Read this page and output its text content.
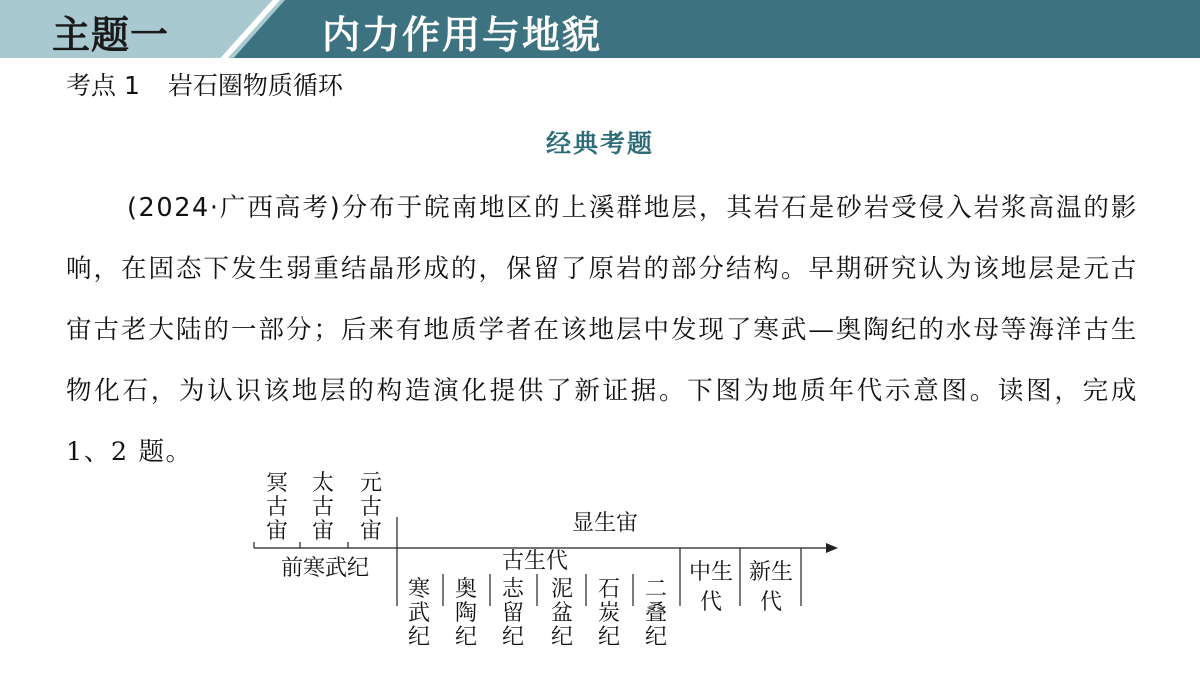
主题一	内力作用与地貌
考点 1 岩石圈物质循环
经典考题
(2024·广西高考)分布于皖南地区的上溪群地层，其岩石是砂岩受侵入岩浆高温的影响，在固态下发生弱重结晶形成的，保留了原岩的部分结构。早期研究认为该地层是元古宙古老大陆的一部分；后来有地质学者在该地层中发现了寒武—奥陶纪的水母等海洋古生物化石，为认识该地层的构造演化提供了新证据。下图为地质年代示意图。读图，完成 1、2 题。
冥古宙
太古宙
元古宙	显生宙
前寒武纪	古生代
寒武纪
奥陶纪
志留纪
泥盆纪
石炭纪
二叠纪
中生代
新生代
